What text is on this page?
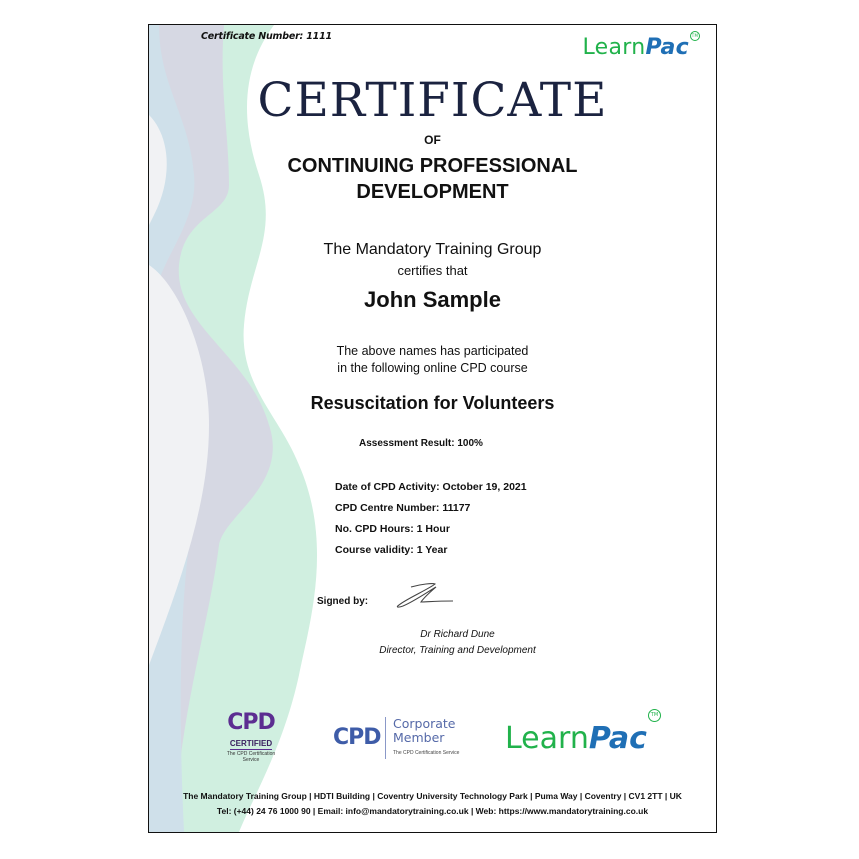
Certificate Number: 1111	LearnPac TM
CERTIFICATE
OF
CONTINUING PROFESSIONAL
DEVELOPMENT
The Mandatory Training Group
certifies that
John Sample
The above names has participated
in the following online CPD course
Resuscitation for Volunteers
Assessment Result: 100%
Date of CPD Activity: October 19, 2021
CPD Centre Number: 11177
No. CPD Hours: 1 Hour
Course validity: 1 Year
Signed by:
Dr Richard Dune
Director, Training and Development
CPD
CERTIFIED
The CPD Certification Service
CPD
Corporate
Member
The CPD Certification Service LearnPacTM
The Mandatory Training Group | HDTI Building | Coventry University Technology Park | Puma Way | Coventry | CV1 2TT | UK
Tel: (+44) 24 76 1000 90 | Email: info@mandatorytraining.co.uk | Web: https://www.mandatorytraining.co.uk
